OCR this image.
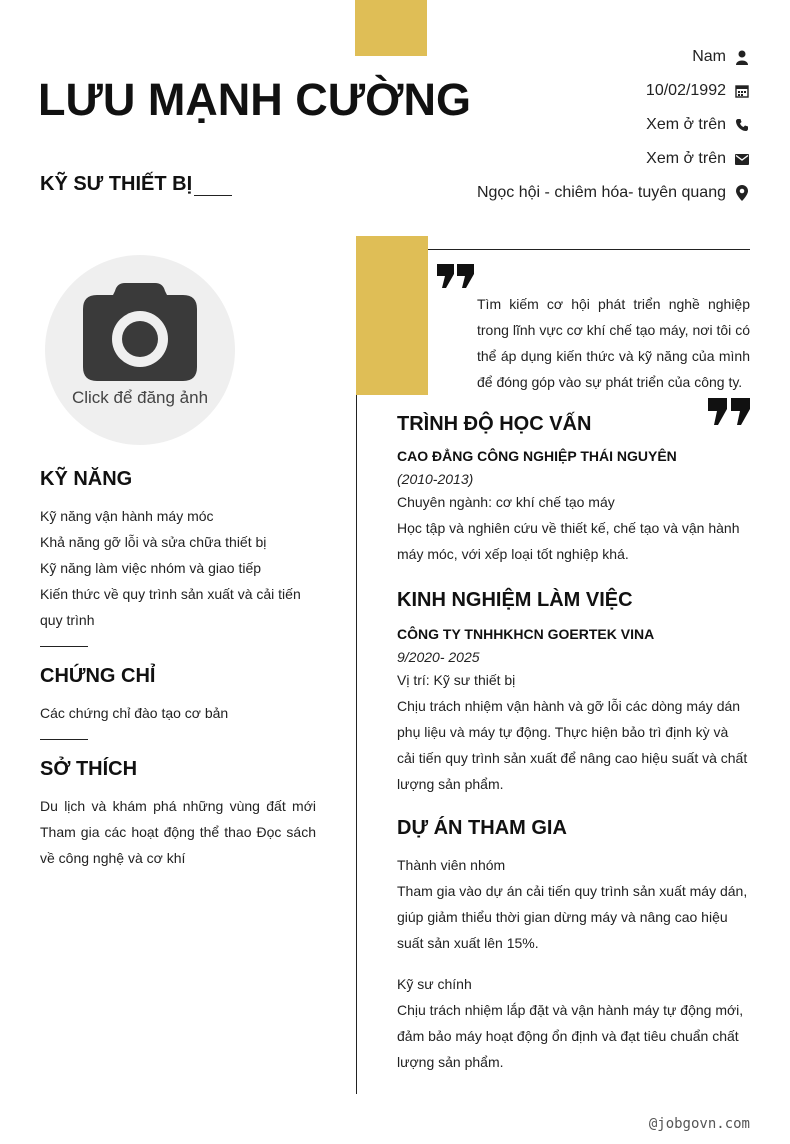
LƯU MẠNH CƯỜNG
KỸ SƯ THIẾT BỊ
Nam
10/02/1992
Xem ở trên
Xem ở trên
Ngọc hội - chiêm hóa- tuyên quang
Click để đăng ảnh
KỸ NĂNG
Kỹ năng vận hành máy móc
Khả năng gỡ lỗi và sửa chữa thiết bị
Kỹ năng làm việc nhóm và giao tiếp
Kiến thức về quy trình sản xuất và cải tiến quy trình
CHỨNG CHỈ
Các chứng chỉ đào tạo cơ bản
SỞ THÍCH
Du lịch và khám phá những vùng đất mới Tham gia các hoạt động thể thao Đọc sách về công nghệ và cơ khí
Tìm kiếm cơ hội phát triển nghề nghiệp trong lĩnh vực cơ khí chế tạo máy, nơi tôi có thể áp dụng kiến thức và kỹ năng của mình để đóng góp vào sự phát triển của công ty.
TRÌNH ĐỘ HỌC VẤN
CAO ĐẲNG CÔNG NGHIỆP THÁI NGUYÊN
(2010-2013)
Chuyên ngành: cơ khí chế tạo máy
Học tập và nghiên cứu về thiết kế, chế tạo và vận hành máy móc, với xếp loại tốt nghiệp khá.
KINH NGHIỆM LÀM VIỆC
CÔNG TY TNHHKHCN GOERTEK VINA
9/2020- 2025
Vị trí: Kỹ sư thiết bị
Chịu trách nhiệm vận hành và gỡ lỗi các dòng máy dán phụ liệu và máy tự động. Thực hiện bảo trì định kỳ và cải tiến quy trình sản xuất để nâng cao hiệu suất và chất lượng sản phẩm.
DỰ ÁN THAM GIA
Thành viên nhóm
Tham gia vào dự án cải tiến quy trình sản xuất máy dán, giúp giảm thiểu thời gian dừng máy và nâng cao hiệu suất sản xuất lên 15%.
Kỹ sư chính
Chịu trách nhiệm lắp đặt và vận hành máy tự động mới, đảm bảo máy hoạt động ổn định và đạt tiêu chuẩn chất lượng sản phẩm.
@jobgovn.com
